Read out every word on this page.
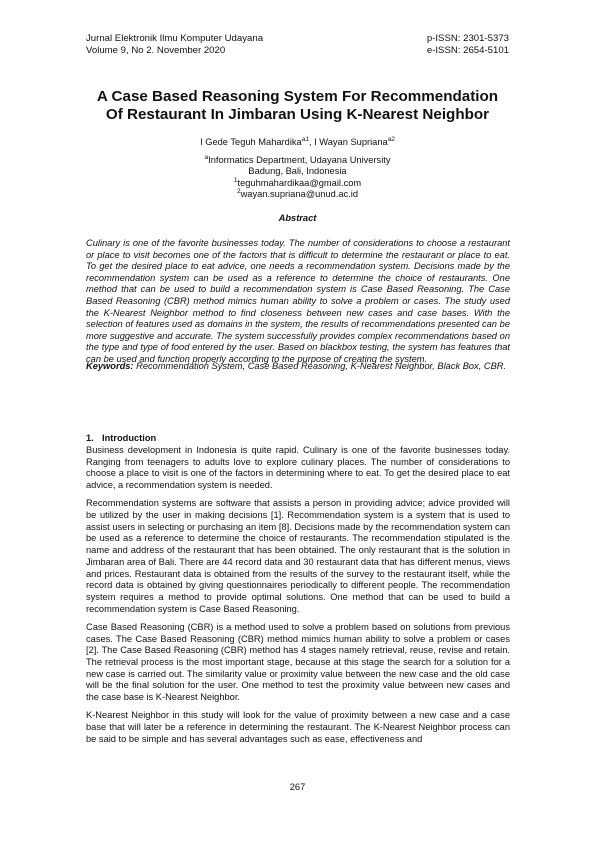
Jurnal Elektronik Ilmu Komputer Udayana
Volume 9, No 2. November 2020
p-ISSN: 2301-5373
e-ISSN: 2654-5101
A Case Based Reasoning System For Recommendation
Of Restaurant In Jimbaran Using K-Nearest Neighbor
I Gede Teguh Mahardika$^{a1}$, I Wayan Supriana$^{a2}$
$^a$Informatics Department, Udayana University
Badung, Bali, Indonesia
$^1$teguhmahardikaa@gmail.com
$^2$wayan.supriana@unud.ac.id
Abstract

Culinary is one of the favorite businesses today. The number of considerations to choose a restaurant or place to visit becomes one of the factors that is difficult to determine the restaurant or place to eat. To get the desired place to eat advice, one needs a recommendation system. Decisions made by the recommendation system can be used as a reference to determine the choice of restaurants. One method that can be used to build a recommendation system is Case Based Reasoning. The Case Based Reasoning (CBR) method mimics human ability to solve a problem or cases. The study used the K-Nearest Neighbor method to find closeness between new cases and case bases. With the selection of features used as domains in the system, the results of recommendations presented can be more suggestive and accurate. The system successfully provides complex recommendations based on the type and type of food entered by the user. Based on blackbox testing, the system has features that can be used and function properly according to the purpose of creating the system.

Keywords: Recommendation System, Case Based Reasoning, K-Nearest Neighbor, Black Box, CBR.

1. Introduction

Business development in Indonesia is quite rapid. Culinary is one of the favorite businesses today. Ranging from teenagers to adults love to explore culinary places. The number of considerations to choose a place to visit is one of the factors in determining where to eat. To get the desired place to eat advice, a recommendation system is needed.

Recommendation systems are software that assists a person in providing advice; advice provided will be utilized by the user in making decisions [1]. Recommendation system is a system that is used to assist users in selecting or purchasing an item [8]. Decisions made by the recommendation system can be used as a reference to determine the choice of restaurants. The recommendation stipulated is the name and address of the restaurant that has been obtained. The only restaurant that is the solution in Jimbaran area of Bali. There are 44 record data and 30 restaurant data that has different menus, views and prices. Restaurant data is obtained from the results of the survey to the restaurant itself, while the record data is obtained by giving questionnaires periodically to different people. The recommendation system requires a method to provide optimal solutions. One method that can be used to build a recommendation system is Case Based Reasoning.

Case Based Reasoning (CBR) is a method used to solve a problem based on solutions from previous cases. The Case Based Reasoning (CBR) method mimics human ability to solve a problem or cases [2]. The Case Based Reasoning (CBR) method has 4 stages namely retrieval, reuse, revise and retain. The retrieval process is the most important stage, because at this stage the search for a solution for a new case is carried out. The similarity value or proximity value between the new case and the old case will be the final solution for the user. One method to test the proximity value between new cases and the case base is K-Nearest Neighbor.

K-Nearest Neighbor in this study will look for the value of proximity between a new case and a case base that will later be a reference in determining the restaurant. The K-Nearest Neighbor process can be said to be simple and has several advantages such as ease, effectiveness and

267
